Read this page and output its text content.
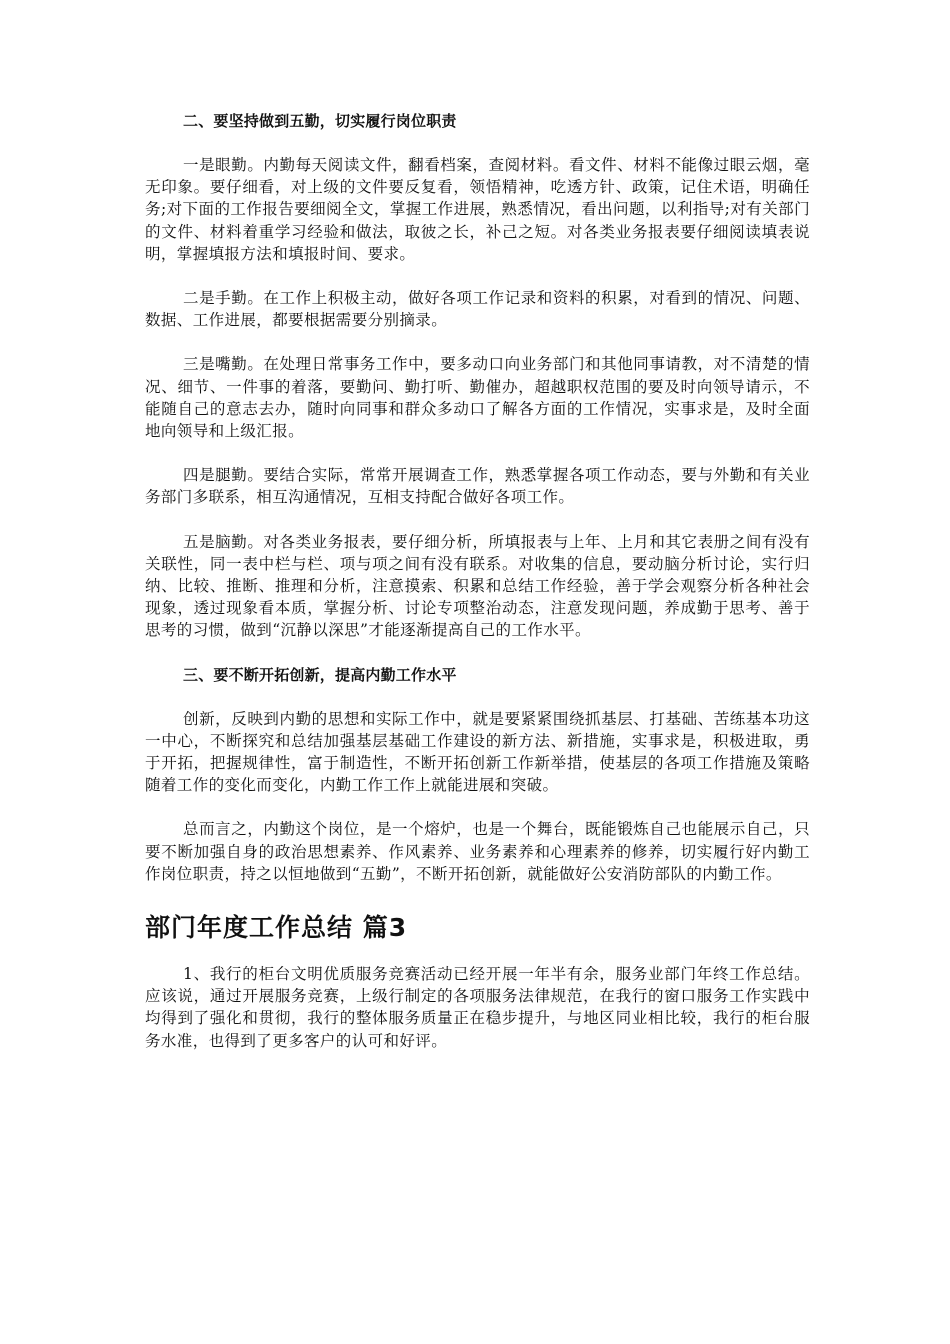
二、要坚持做到五勤，切实履行岗位职责

一是眼勤。内勤每天阅读文件，翻看档案，查阅材料。看文件、材料不能像过眼云烟，毫无印象。要仔细看，对上级的文件要反复看，领悟精神，吃透方针、政策，记住术语，明确任务;对下面的工作报告要细阅全文，掌握工作进展，熟悉情况，看出问题，以利指导;对有关部门的文件、材料着重学习经验和做法，取彼之长，补己之短。对各类业务报表要仔细阅读填表说明，掌握填报方法和填报时间、要求。

二是手勤。在工作上积极主动，做好各项工作记录和资料的积累，对看到的情况、问题、数据、工作进展，都要根据需要分别摘录。

三是嘴勤。在处理日常事务工作中，要多动口向业务部门和其他同事请教，对不清楚的情况、细节、一件事的着落，要勤问、勤打听、勤催办，超越职权范围的要及时向领导请示，不能随自己的意志去办，随时向同事和群众多动口了解各方面的工作情况，实事求是，及时全面地向领导和上级汇报。

四是腿勤。要结合实际，常常开展调查工作，熟悉掌握各项工作动态，要与外勤和有关业务部门多联系，相互沟通情况，互相支持配合做好各项工作。

五是脑勤。对各类业务报表，要仔细分析，所填报表与上年、上月和其它表册之间有没有关联性，同一表中栏与栏、项与项之间有没有联系。对收集的信息，要动脑分析讨论，实行归纳、比较、推断、推理和分析，注意摸索、积累和总结工作经验，善于学会观察分析各种社会现象，透过现象看本质，掌握分析、讨论专项整治动态，注意发现问题，养成勤于思考、善于思考的习惯，做到“沉静以深思”才能逐渐提高自己的工作水平。

三、要不断开拓创新，提高内勤工作水平

创新，反映到内勤的思想和实际工作中，就是要紧紧围绕抓基层、打基础、苦练基本功这一中心，不断探究和总结加强基层基础工作建设的新方法、新措施，实事求是，积极进取，勇于开拓，把握规律性，富于制造性，不断开拓创新工作新举措，使基层的各项工作措施及策略随着工作的变化而变化，内勤工作工作上就能进展和突破。

总而言之，内勤这个岗位，是一个熔炉，也是一个舞台，既能锻炼自己也能展示自己，只要不断加强自身的政治思想素养、作风素养、业务素养和心理素养的修养，切实履行好内勤工作岗位职责，持之以恒地做到“五勤”，不断开拓创新，就能做好公安消防部队的内勤工作。

部门年度工作总结 篇3

1、我行的柜台文明优质服务竞赛活动已经开展一年半有余，服务业部门年终工作总结。应该说，通过开展服务竞赛，上级行制定的各项服务法律规范，在我行的窗口服务工作实践中均得到了强化和贯彻，我行的整体服务质量正在稳步提升，与地区同业相比较，我行的柜台服务水准，也得到了更多客户的认可和好评。
